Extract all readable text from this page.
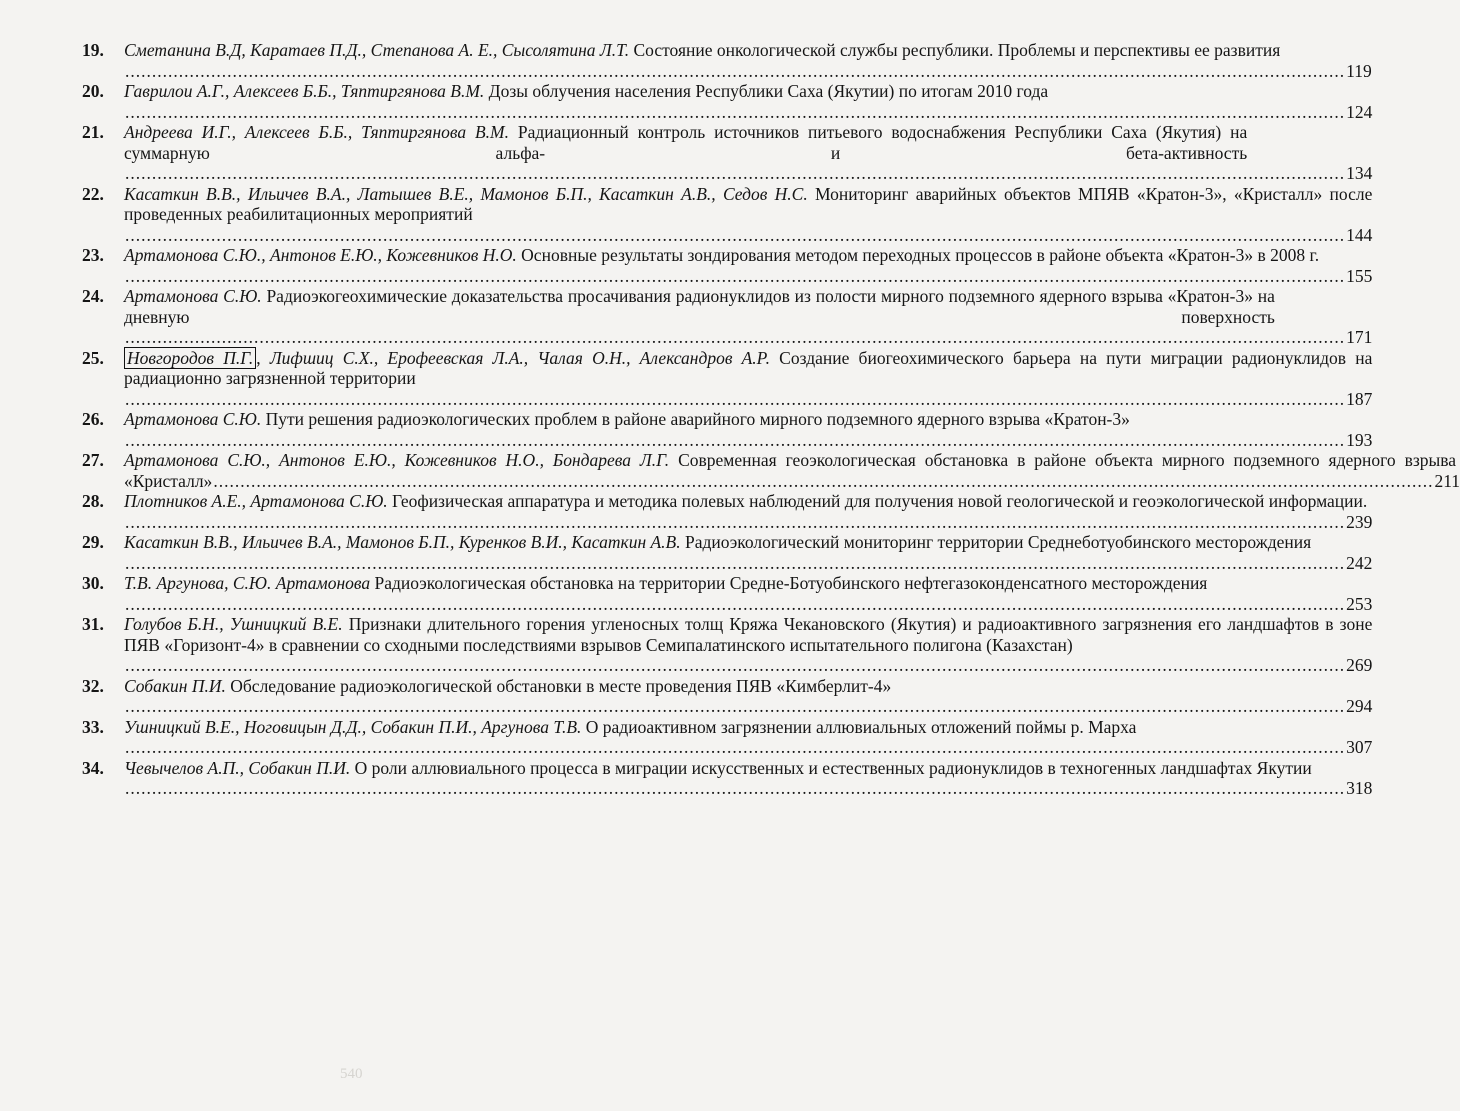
19.	Сметанина В.Д, Каратаев П.Д., Степанова А. Е., Сысолятина Л.Т. Состояние онкологической службы республики. Проблемы и перспективы ее развития
.....
119
20.	Гаврилoи А.Г., Алексеев Б.Б., Тяптиргянова В.М. Дозы облучения населения Республики Саха (Якутии) по итогам 2010 года
.....
124
21.	Андреева И.Г., Алексеев Б.Б., Тяптиргянова В.М. Радиационный контроль источников питьевого водоснабжения Республики Саха (Якутия) на суммарную альфа- и бета-активность
.....
134
22.	Касаткин В.В., Ильичев В.А., Латышев В.Е., Мамонов Б.П., Касаткин А.В., Седов Н.С. Мониторинг аварийных объектов МПЯВ «Кратон-3», «Кристалл» после проведенных реабилитационных мероприятий
.....
144
23.	Артамонова С.Ю., Антонов Е.Ю., Кожевников Н.О. Основные результаты зондирования методом переходных процессов в районе объекта «Кратон-3» в 2008 г.
.....
155
24.	Артамонова С.Ю. Радиоэкогеохимические доказательства просачивания радионуклидов из полости мирного подземного ядерного взрыва «Кратон-3» на дневную поверхность
.....
171
25.	Новгородов П.Г. , Лифшиц С.Х., Ерофеевская Л.А., Чалая О.Н., Александров А.Р. Создание биогеохимического барьера на пути миграции радионуклидов на радиационно загрязненной территории
.....
187
26.	Артамонова С.Ю. Пути решения радиоэкологических проблем в районе аварийного мирного подземного ядерного взрыва «Кратон-3»
.....
193
27.	Артамонова С.Ю., Антонов Е.Ю., Кожевников Н.О., Бондарева Л.Г. Современная геоэкологическая обстановка в районе объекта мирного подземного ядерного взрыва «Кристалл»
.....	211
28.	Плотников А.Е., Артамонова С.Ю. Геофизическая аппаратура и методика полевых наблюдений для получения новой геологической и геоэкологической информации.
.....
239
29.	Касаткин В.В., Ильичев В.А., Мамонов Б.П., Куренков В.И., Касаткин А.В. Радиоэкологический мониторинг территории Среднеботуобинского месторождения
.....
242
30.	Т.В. Аргунова, С.Ю. Артамонова Радиоэкологическая обстановка на территории Средне-Ботуобинского нефтегазоконденсатного месторождения
.....
253
31.	Голубов Б.Н., Ушницкий В.Е. Признаки длительного горения угленосных толщ Кряжа Чекановского (Якутия) и радиоактивного загрязнения его ландшафтов в зоне ПЯВ «Горизонт-4» в сравнении со сходными последствиями взрывов Семипалатинского испытательного полигона (Казахстан)
.....
269
32.	Собакин П.И. Обследование радиоэкологической обстановки в месте проведения ПЯВ «Кимберлит-4»
.....
294
33.	Ушницкий В.Е., Ноговицын Д.Д., Собакин П.И., Аргунова Т.В. О радиоактивном загрязнении аллювиальных отложений поймы р. Марха
.....
307
34.	Чевычелов А.П., Собакин П.И. О роли аллювиального процесса в миграции искусственных и естественных радионуклидов в техногенных ландшафтах Якутии
.....
318
540
